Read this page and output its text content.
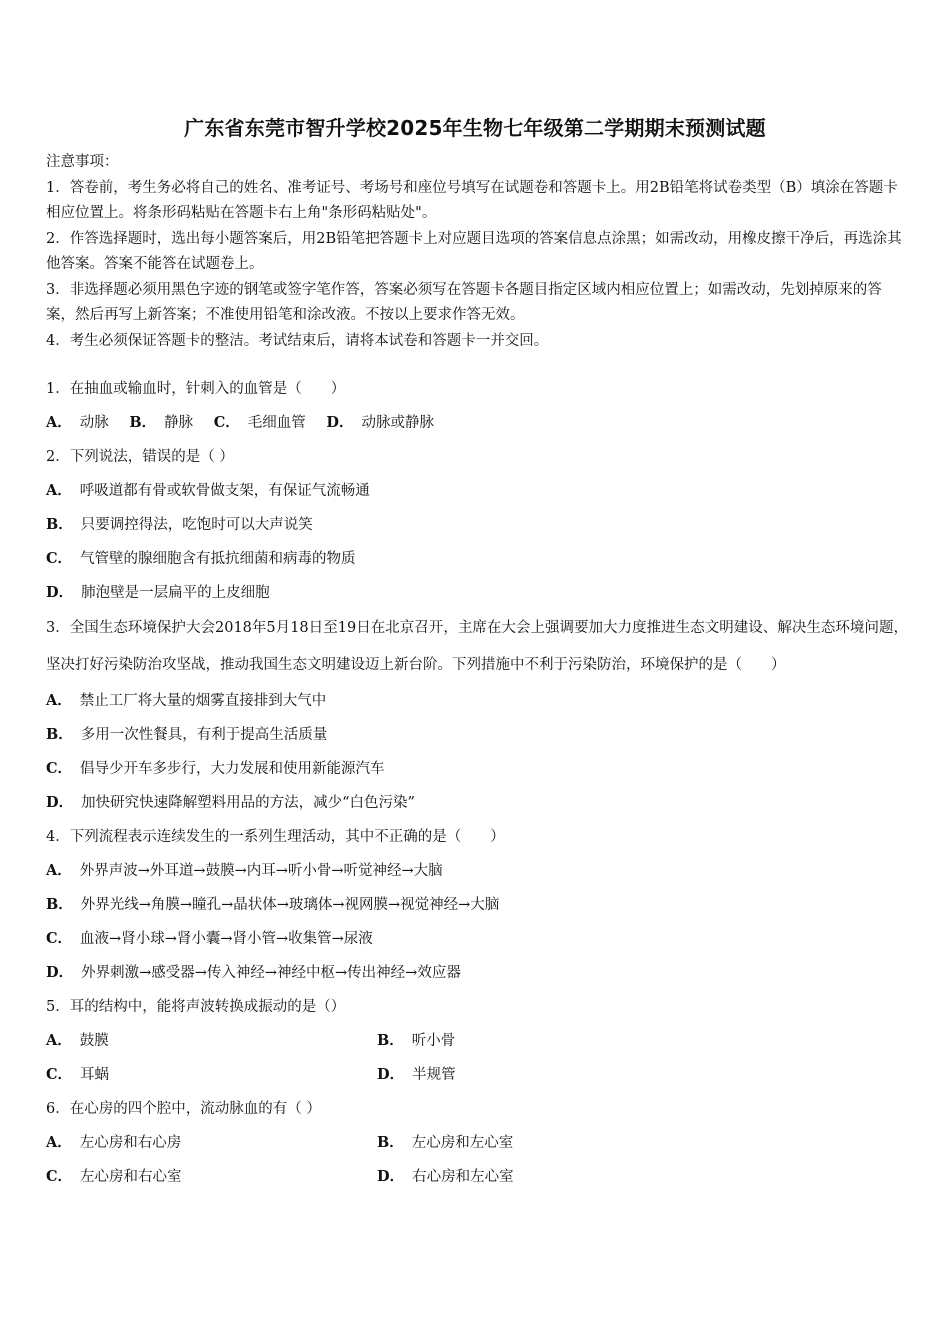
广东省东莞市智升学校2025年生物七年级第二学期期末预测试题

注意事项：

1．答卷前，考生务必将自己的姓名、准考证号、考场号和座位号填写在试题卷和答题卡上。用2B铅笔将试卷类型（B）填涂在答题卡相应位置上。将条形码粘贴在答题卡右上角"条形码粘贴处"。

2．作答选择题时，选出每小题答案后，用2B铅笔把答题卡上对应题目选项的答案信息点涂黑；如需改动，用橡皮擦干净后，再选涂其他答案。答案不能答在试题卷上。

3．非选择题必须用黑色字迹的钢笔或签字笔作答，答案必须写在答题卡各题目指定区域内相应位置上；如需改动，先划掉原来的答案，然后再写上新答案；不准使用铅笔和涂改液。不按以上要求作答无效。

4．考生必须保证答题卡的整洁。考试结束后，请将本试卷和答题卡一并交回。

1．在抽血或输血时，针刺入的血管是（　　）
A． 动脉 B． 静脉 C． 毛细血管 D． 动脉或静脉
2．下列说法，错误的是（ ）
A． 呼吸道都有骨或软骨做支架，有保证气流畅通
B． 只要调控得法，吃饱时可以大声说笑
C． 气管壁的腺细胞含有抵抗细菌和病毒的物质
D． 肺泡壁是一层扁平的上皮细胞
3．全国生态环境保护大会2018年5月18日至19日在北京召开，主席在大会上强调要加大力度推进生态文明建设、解决生态环境问题，坚决打好污染防治攻坚战，推动我国生态文明建设迈上新台阶。下列措施中不利于污染防治，环境保护的是（　　）
A． 禁止工厂将大量的烟雾直接排到大气中
B． 多用一次性餐具，有利于提高生活质量
C． 倡导少开车多步行，大力发展和使用新能源汽车
D． 加快研究快速降解塑料用品的方法，减少“白色污染”
4．下列流程表示连续发生的一系列生理活动，其中不正确的是（　　）
A． 外界声波→外耳道→鼓膜→内耳→听小骨→听觉神经→大脑
B． 外界光线→角膜→瞳孔→晶状体→玻璃体→视网膜→视觉神经→大脑
C． 血液→肾小球→肾小囊→肾小管→收集管→尿液
D． 外界刺激→感受器→传入神经→神经中枢→传出神经→效应器
5．耳的结构中，能将声波转换成振动的是（）
A． 鼓膜	B． 听小骨
C． 耳蜗	D． 半规管
6．在心房的四个腔中，流动脉血的有（ ）
A． 左心房和右心房	B． 左心房和左心室
C． 左心房和右心室	D． 右心房和左心室
